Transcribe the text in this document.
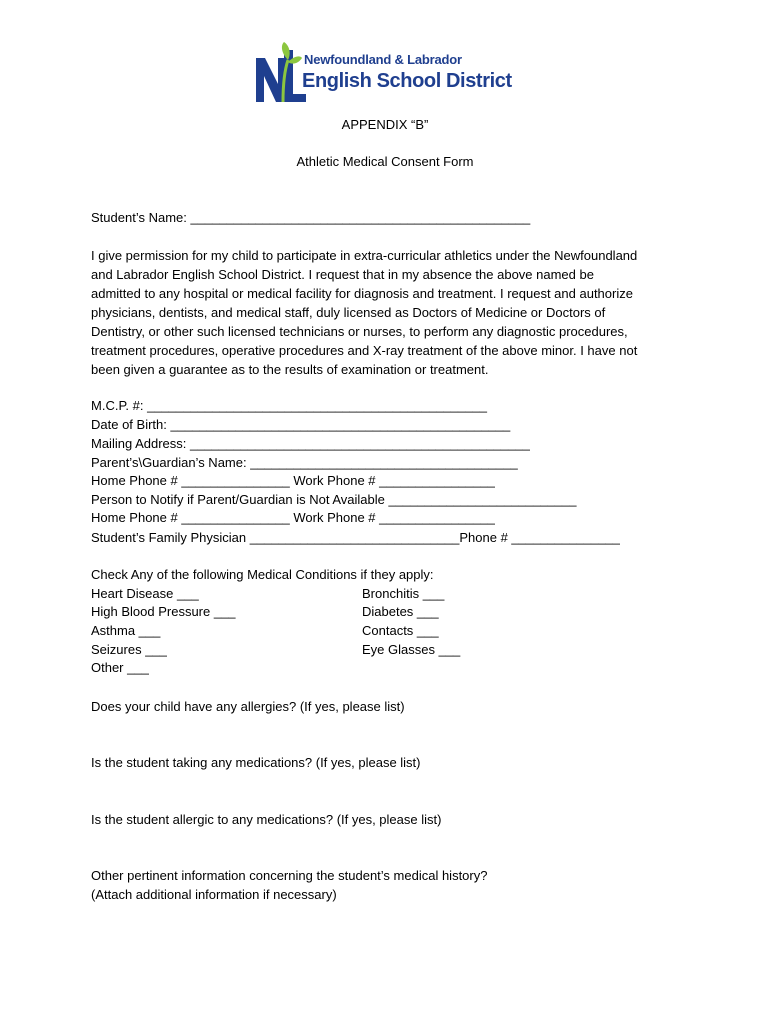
Newfoundland & Labrador
English School District
APPENDIX “B”
Athletic Medical Consent Form
Student’s Name: _______________________________________________
I give permission for my child to participate in extra-curricular athletics under the Newfoundland
and Labrador English School District. I request that in my absence the above named be
admitted to any hospital or medical facility for diagnosis and treatment. I request and authorize
physicians, dentists, and medical staff, duly licensed as Doctors of Medicine or Doctors of
Dentistry, or other such licensed technicians or nurses, to perform any diagnostic procedures,
treatment procedures, operative procedures and X-ray treatment of the above minor. I have not
been given a guarantee as to the results of examination or treatment.
M.C.P. #: _______________________________________________
Date of Birth: _______________________________________________
Mailing Address: _______________________________________________
Parent’s\Guardian’s Name: _____________________________________
Home Phone # _______________ Work Phone # ________________
Person to Notify if Parent/Guardian is Not Available __________________________
Home Phone # _______________ Work Phone # ________________
Student’s Family Physician _____________________________Phone # _______________
Check Any of the following Medical Conditions if they apply:
Heart Disease ___
High Blood Pressure ___
Asthma ___
Seizures ___
Other ___
Bronchitis ___
Diabetes ___
Contacts ___
Eye Glasses ___
Does your child have any allergies? (If yes, please list)
Is the student taking any medications? (If yes, please list)
Is the student allergic to any medications? (If yes, please list)
Other pertinent information concerning the student’s medical history?
(Attach additional information if necessary)
